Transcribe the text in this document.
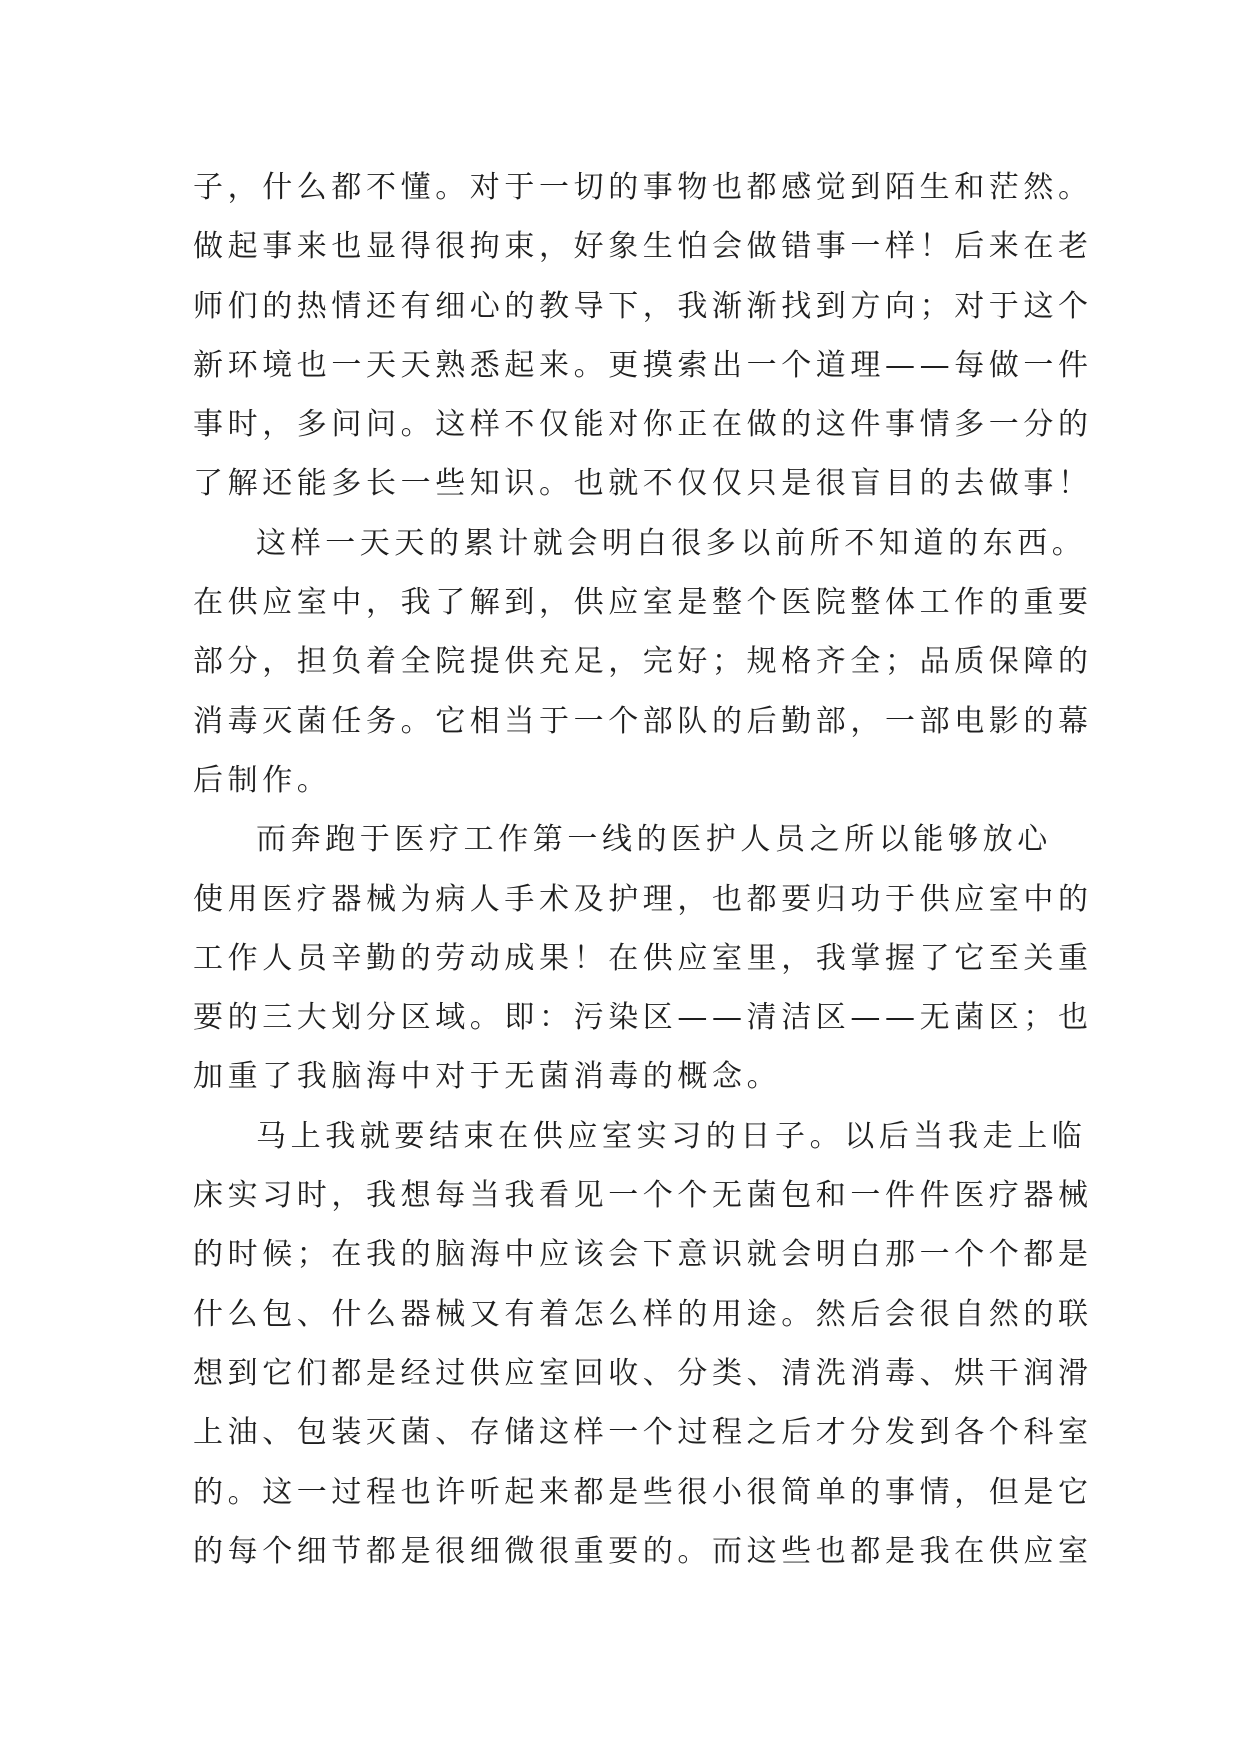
子，什么都不懂。对于一切的事物也都感觉到陌生和茫然。
做起事来也显得很拘束，好象生怕会做错事一样！后来在老
师们的热情还有细心的教导下，我渐渐找到方向；对于这个
新环境也一天天熟悉起来。更摸索出一个道理——每做一件
事时，多问问。这样不仅能对你正在做的这件事情多一分的
了解还能多长一些知识。也就不仅仅只是很盲目的去做事！
这样一天天的累计就会明白很多以前所不知道的东西。
在供应室中，我了解到，供应室是整个医院整体工作的重要
部分，担负着全院提供充足，完好；规格齐全；品质保障的
消毒灭菌任务。它相当于一个部队的后勤部，一部电影的幕
后制作。
而奔跑于医疗工作第一线的医护人员之所以能够放心
使用医疗器械为病人手术及护理，也都要归功于供应室中的
工作人员辛勤的劳动成果！在供应室里，我掌握了它至关重
要的三大划分区域。即：污染区——清洁区——无菌区；也
加重了我脑海中对于无菌消毒的概念。
马上我就要结束在供应室实习的日子。以后当我走上临
床实习时，我想每当我看见一个个无菌包和一件件医疗器械
的时候；在我的脑海中应该会下意识就会明白那一个个都是
什么包、什么器械又有着怎么样的用途。然后会很自然的联
想到它们都是经过供应室回收、分类、清洗消毒、烘干润滑
上油、包装灭菌、存储这样一个过程之后才分发到各个科室
的。这一过程也许听起来都是些很小很简单的事情，但是它
的每个细节都是很细微很重要的。而这些也都是我在供应室
